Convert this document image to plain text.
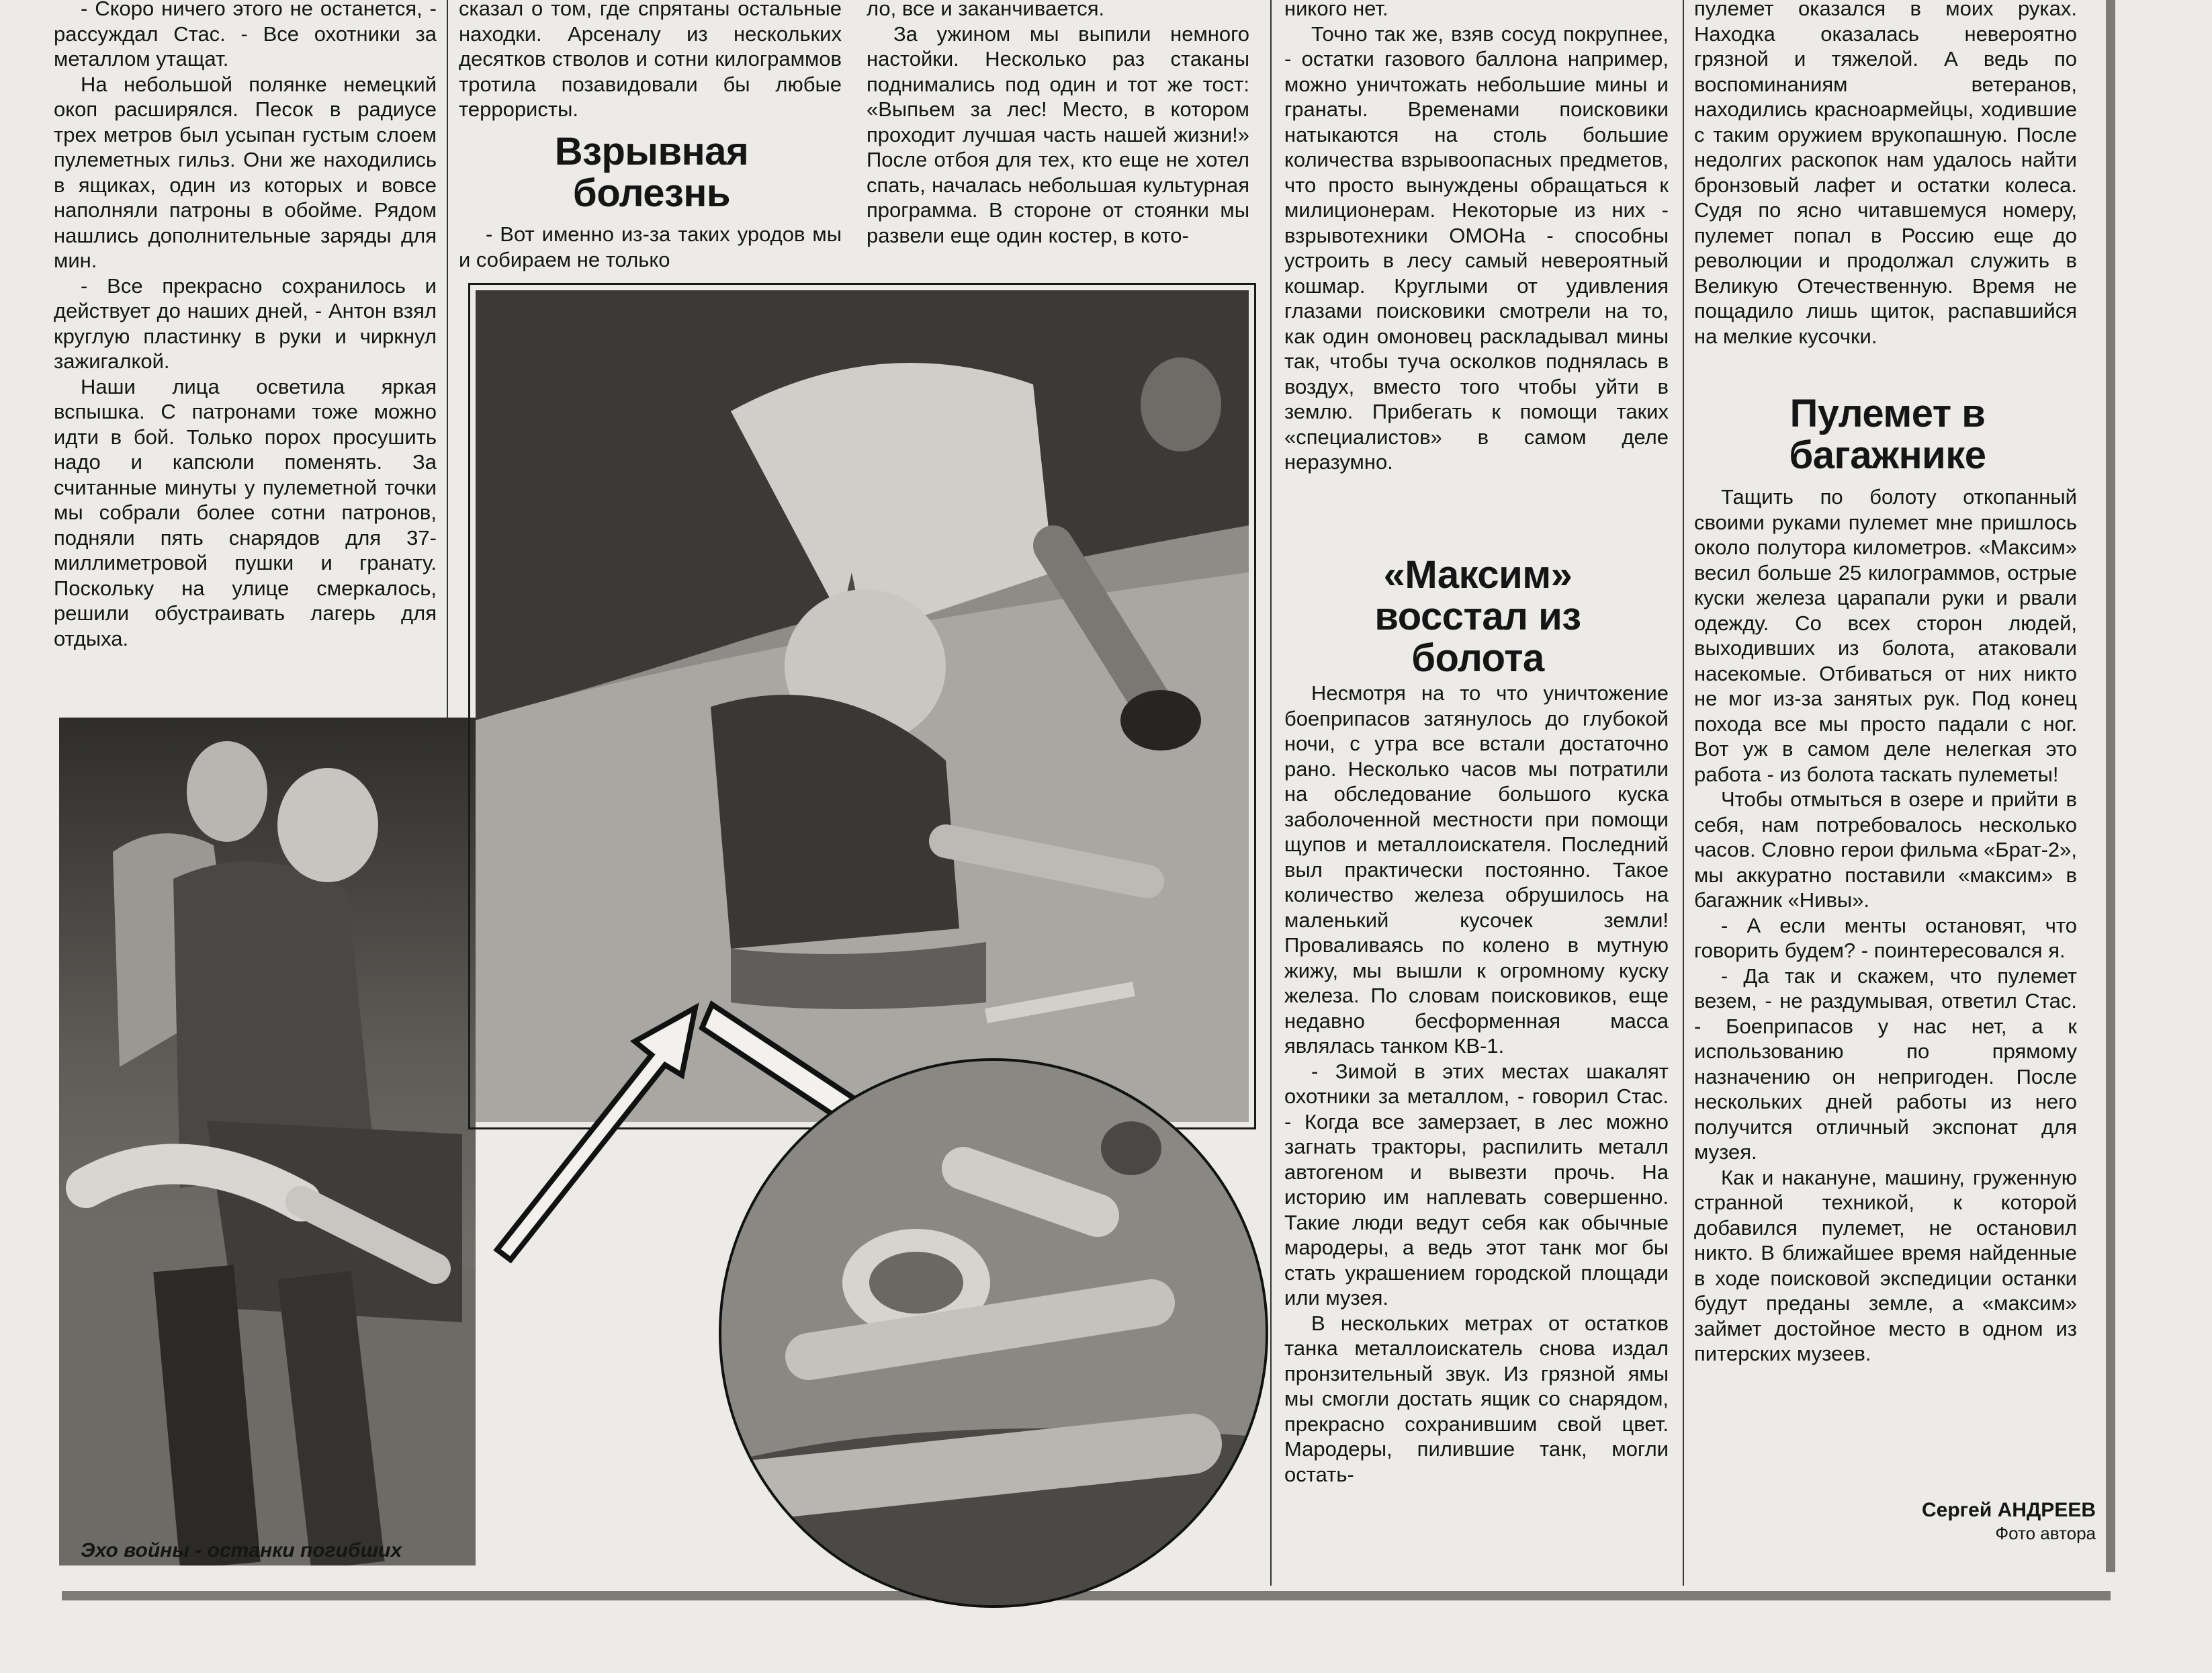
- Скоро ничего этого не останется, - рассуждал Стас. - Все охотники за металлом утащат.

На небольшой полянке немецкий окоп расширялся. Песок в радиусе трех метров был усыпан густым слоем пулеметных гильз. Они же находились в ящиках, один из которых и вовсе наполняли патроны в обойме. Рядом нашлись дополнительные заряды для мин.

- Все прекрасно сохранилось и действует до наших дней, - Антон взял круглую пластинку в руки и чиркнул зажигалкой.

Наши лица осветила яркая вспышка. С патронами тоже можно идти в бой. Только порох просушить надо и капсюли поменять. За считанные минуты у пулеметной точки мы собрали более сотни патронов, подняли пять снарядов для 37-миллиметровой пушки и гранату. Поскольку на улице смеркалось, решили обустраивать лагерь для отдыха.

сказал о том, где спрятаны остальные находки. Арсеналу из нескольких десятков стволов и сотни килограммов тротила позавидовали бы любые террористы.

Взрывная болезнь

- Вот именно из-за таких уродов мы и собираем не только

ло, все и заканчивается.

За ужином мы выпили немного настойки. Несколько раз стаканы поднимались под один и тот же тост: «Выпьем за лес! Место, в котором проходит лучшая часть нашей жизни!» После отбоя для тех, кто еще не хотел спать, началась небольшая культурная программа. В стороне от стоянки мы развели еще один костер, в кото-

никого нет.

Точно так же, взяв сосуд покрупнее, - остатки газового баллона например, можно уничтожать небольшие мины и гранаты. Временами поисковики натыкаются на столь большие количества взрывоопасных предметов, что просто вынуждены обращаться к милиционерам. Некоторые из них - взрывотехники ОМОНа - способны устроить в лесу самый невероятный кошмар. Круглыми от удивления глазами поисковики смотрели на то, как один омоновец раскладывал мины так, чтобы туча осколков поднялась в воздух, вместо того чтобы уйти в землю. Прибегать к помощи таких «специалистов» в самом деле неразумно.

«Максим» восстал из болота

Несмотря на то что уничтожение боеприпасов затянулось до глубокой ночи, с утра все встали достаточно рано. Несколько часов мы потратили на обследование большого куска заболоченной местности при помощи щупов и металлоискателя. Последний выл практически постоянно. Такое количество железа обрушилось на маленький кусочек земли! Проваливаясь по колено в мутную жижу, мы вышли к огромному куску железа. По словам поисковиков, еще недавно бесформенная масса являлась танком КВ-1.

- Зимой в этих местах шакалят охотники за металлом, - говорил Стас. - Когда все замерзает, в лес можно загнать тракторы, распилить металл автогеном и вывезти прочь. На историю им наплевать совершенно. Такие люди ведут себя как обычные мародеры, а ведь этот танк мог бы стать украшением городской площади или музея.

В нескольких метрах от остатков танка металлоискатель снова издал пронзительный звук. Из грязной ямы мы смогли достать ящик со снарядом, прекрасно сохранившим свой цвет. Мародеры, пилившие танк, могли остать-

пулемет оказался в моих руках. Находка оказалась невероятно грязной и тяжелой. А ведь по воспоминаниям ветеранов, находились красноармейцы, ходившие с таким оружием врукопашную. После недолгих раскопок нам удалось найти бронзовый лафет и остатки колеса. Судя по ясно читавшемуся номеру, пулемет попал в Россию еще до революции и продолжал служить в Великую Отечественную. Время не пощадило лишь щиток, распавшийся на мелкие кусочки.

Пулемет в багажнике

Тащить по болоту откопанный своими руками пулемет мне пришлось около полутора километров. «Максим» весил больше 25 килограммов, острые куски железа царапали руки и рвали одежду. Со всех сторон людей, выходивших из болота, атаковали насекомые. Отбиваться от них никто не мог из-за занятых рук. Под конец похода все мы просто падали с ног. Вот уж в самом деле нелегкая это работа - из болота таскать пулеметы!

Чтобы отмыться в озере и прийти в себя, нам потребовалось несколько часов. Словно герои фильма «Брат-2», мы аккуратно поставили «максим» в багажник «Нивы».

- А если менты остановят, что говорить будем? - поинтересовался я.

- Да так и скажем, что пулемет везем, - не раздумывая, ответил Стас. - Боеприпасов у нас нет, а к использованию по прямому назначению он непригоден. После нескольких дней работы из него получится отличный экспонат для музея.

Как и накануне, машину, груженную странной техникой, к которой добавился пулемет, не остановил никто. В ближайшее время найденные в ходе поисковой экспедиции останки будут преданы земле, а «максим» займет достойное место в одном из питерских музеев.

Сергей АНДРЕЕВ
Фото автора
Эхо войны - останки погибших
